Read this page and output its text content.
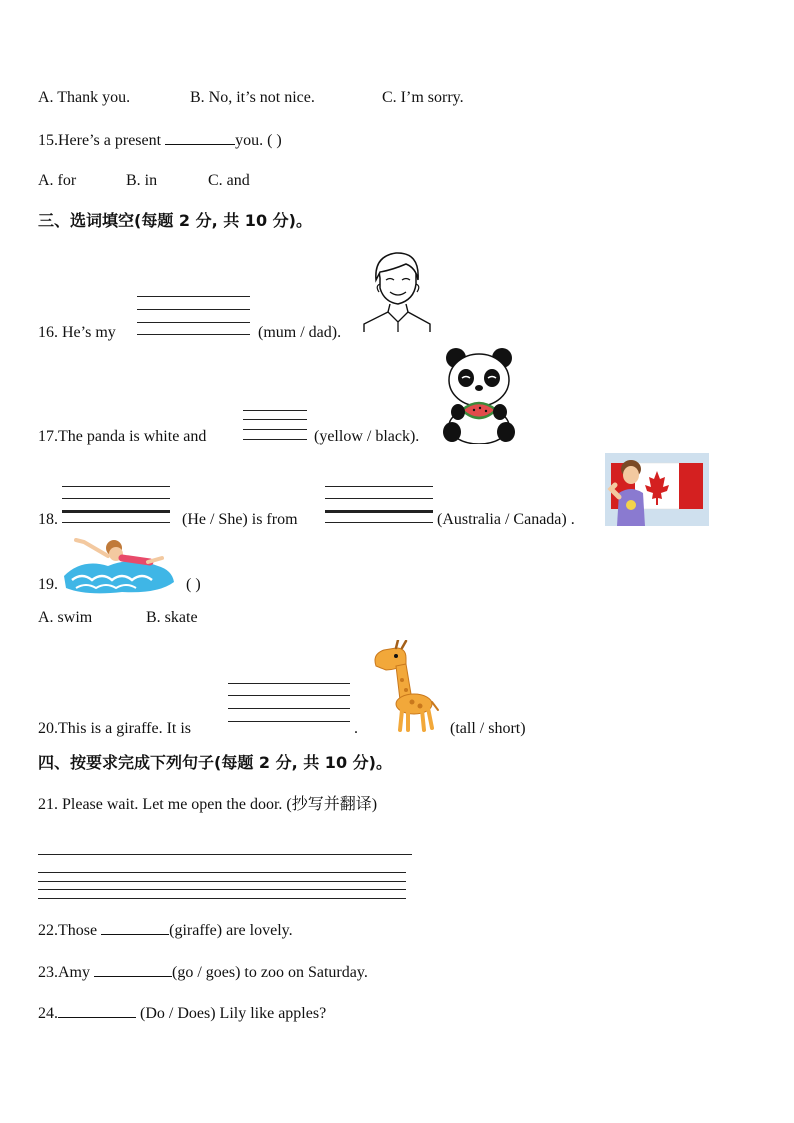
A. Thank you.	B. No, it’s not nice.	C. I’m sorry.
15.Here’s a present	you. ( )
A. for	B. in	C. and
三、选词填空(每题 2 分, 共 10 分)。
16. He’s my	(mum / dad).
17.The panda is white and	(yellow / black).
18.	(He / She) is from	(Australia / Canada) .
19.	( )
A. swim	B. skate
20.This is a giraffe. It is	.	(tall / short)
四、按要求完成下列句子(每题 2 分, 共 10 分)。
21. Please wait. Let me open the door. (抄写并翻译)
22.Those	(giraffe) are lovely.
23.Amy	(go / goes) to zoo on Saturday.
24.	(Do / Does) Lily like apples?
